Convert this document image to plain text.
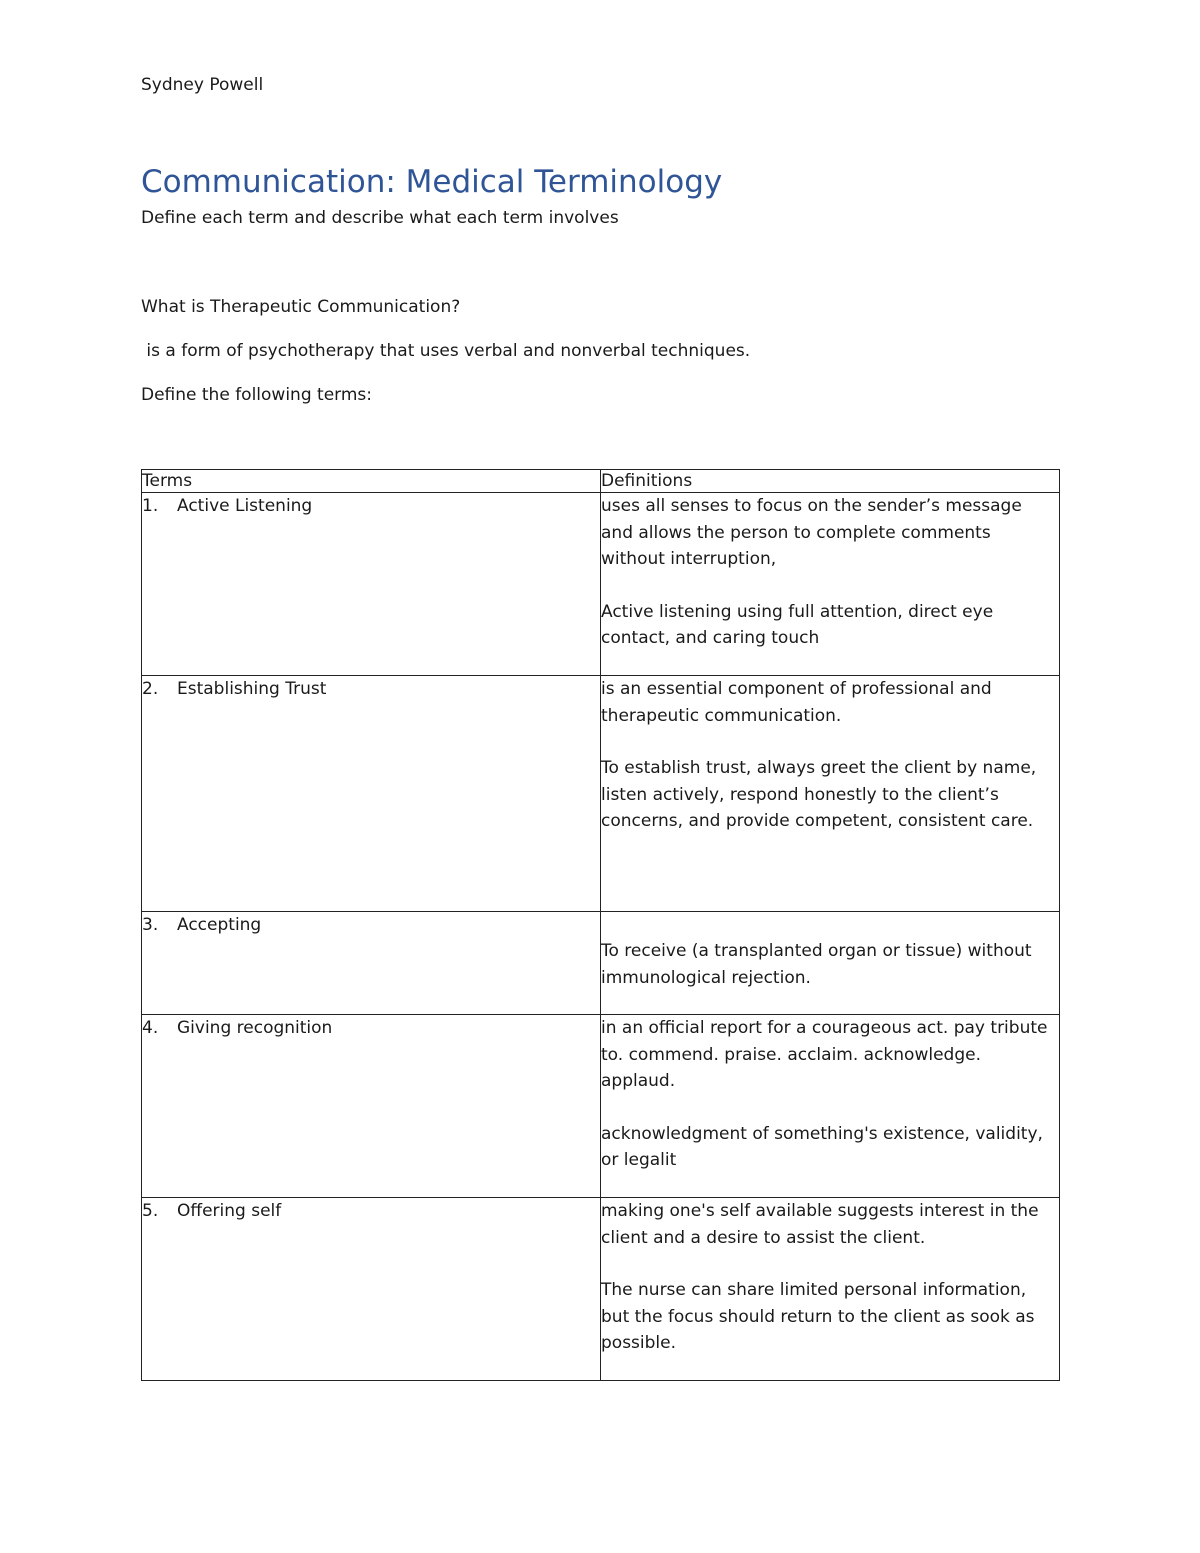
Sydney Powell
Communication: Medical Terminology
Define each term and describe what each term involves
What is Therapeutic Communication?
is a form of psychotherapy that uses verbal and nonverbal techniques.
Define the following terms:
Terms	Definitions
1. Active Listening	uses all senses to focus on the sender’s message and allows the person to complete comments without interruption,

Active listening using full attention, direct eye contact, and caring touch

2. Establishing Trust	is an essential component of professional and therapeutic communication.

To establish trust, always greet the client by name, listen actively, respond honestly to the client’s concerns, and provide competent, consistent care.

3. Accepting	To receive (a transplanted organ or tissue) without immunological rejection.

4. Giving recognition	in an official report for a courageous act. pay tribute to. commend. praise. acclaim. acknowledge. applaud.

acknowledgment of something's existence, validity, or legalit

5. Offering self	making one's self available suggests interest in the client and a desire to assist the client.

The nurse can share limited personal information, but the focus should return to the client as sook as possible.
